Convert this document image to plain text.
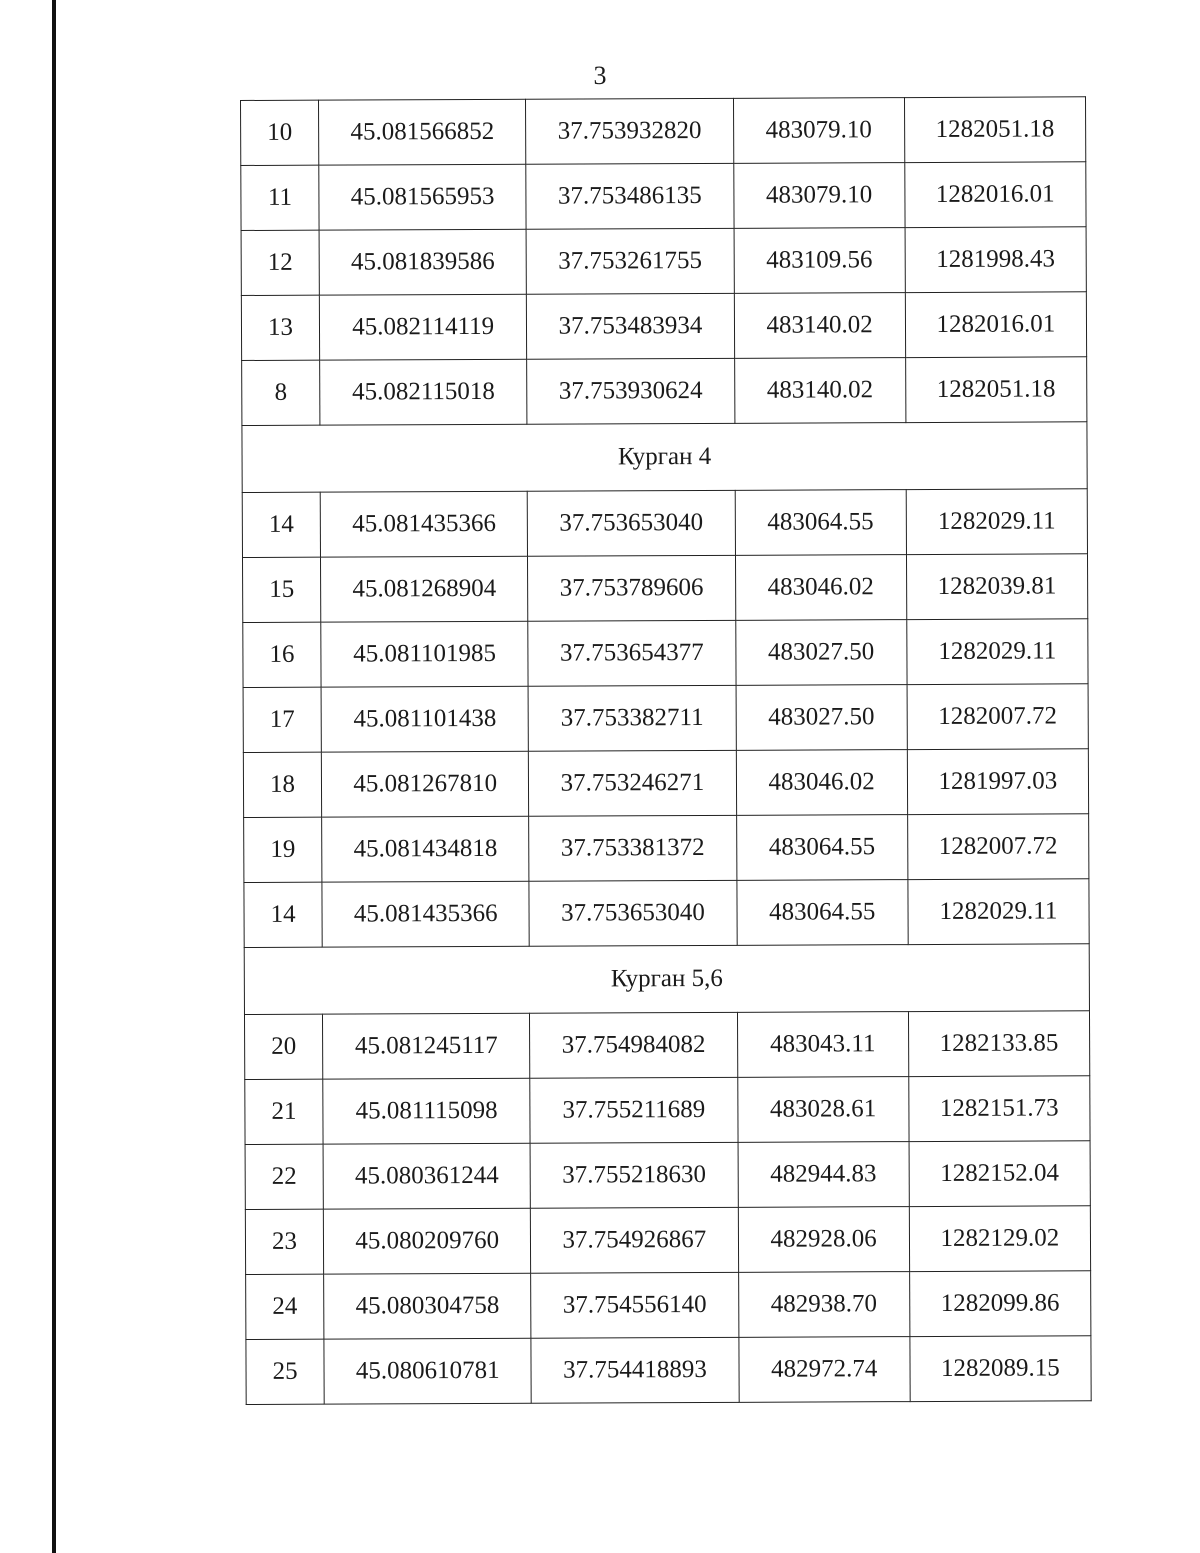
3
10	45.081566852	37.753932820	483079.10	1282051.18
11	45.081565953	37.753486135	483079.10	1282016.01
12	45.081839586	37.753261755	483109.56	1281998.43
13	45.082114119	37.753483934	483140.02	1282016.01
8	45.082115018	37.753930624	483140.02	1282051.18
Курган 4				
14	45.081435366	37.753653040	483064.55	1282029.11
15	45.081268904	37.753789606	483046.02	1282039.81
16	45.081101985	37.753654377	483027.50	1282029.11
17	45.081101438	37.753382711	483027.50	1282007.72
18	45.081267810	37.753246271	483046.02	1281997.03
19	45.081434818	37.753381372	483064.55	1282007.72
14	45.081435366	37.753653040	483064.55	1282029.11
Курган 5,6				
20	45.081245117	37.754984082	483043.11	1282133.85
21	45.081115098	37.755211689	483028.61	1282151.73
22	45.080361244	37.755218630	482944.83	1282152.04
23	45.080209760	37.754926867	482928.06	1282129.02
24	45.080304758	37.754556140	482938.70	1282099.86
25	45.080610781	37.754418893	482972.74	1282089.15
